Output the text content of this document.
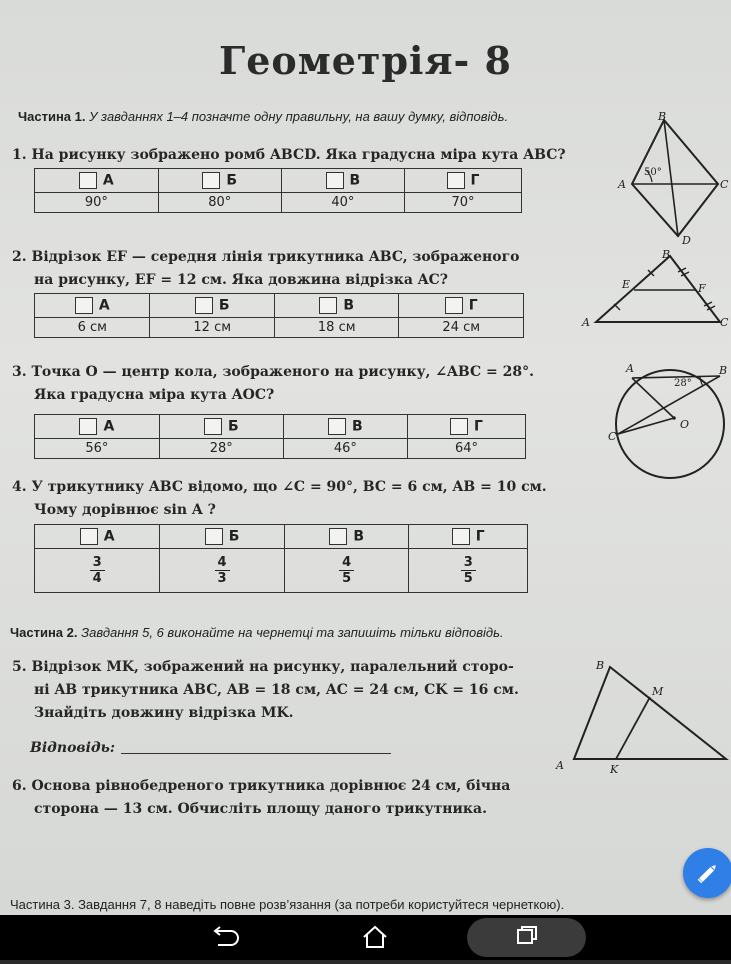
Геометрія- 8
Частина 1. У завданнях 1–4 позначте одну правильну, на вашу думку, відповідь.
1. На рисунку зображено ромб ABCD. Яка градусна міра кута ABC?
А	Б	В	Г
90°	80°	40°	70°
2. Відрізок EF — середня лінія трикутника ABC, зображеного
на рисунку, EF = 12 см. Яка довжина відрізка AC?
А	Б	В	Г
6 см	12 см	18 см	24 см
3. Точка O — центр кола, зображеного на рисунку, ∠ABC = 28°.
Яка градусна міра кута AOC?
А	Б	В	Г
56°	28°	46°	64°
4. У трикутнику ABC відомо, що ∠C = 90°, BC = 6 см, AB = 10 см.
Чому дорівнює sin A ?
А	Б	В	Г

$\frac{3}{4}$	$\frac{4}{3}$	$\frac{4}{5}$	$\frac{3}{5}$
Частина 2. Завдання 5, 6 виконайте на чернетці та запишіть тільки відповідь.
5. Відрізок MK, зображений на рисунку, паралельний сторо-
ні AB трикутника ABC, AB = 18 см, AC = 24 см, CK = 16 см.
Знайдіть довжину відрізка MK.
Відповідь:
6. Основа рівнобедреного трикутника дорівнює 24 см, бічна
сторона — 13 см. Обчисліть площу даного трикутника.
Частина 3. Завдання 7, 8 наведіть повне розв’язання (за потреби користуйтеся чернеткою).
B
A	C
D
50°
B
E	F
A	C
A	B
C
O
28°
B
M
A	K
